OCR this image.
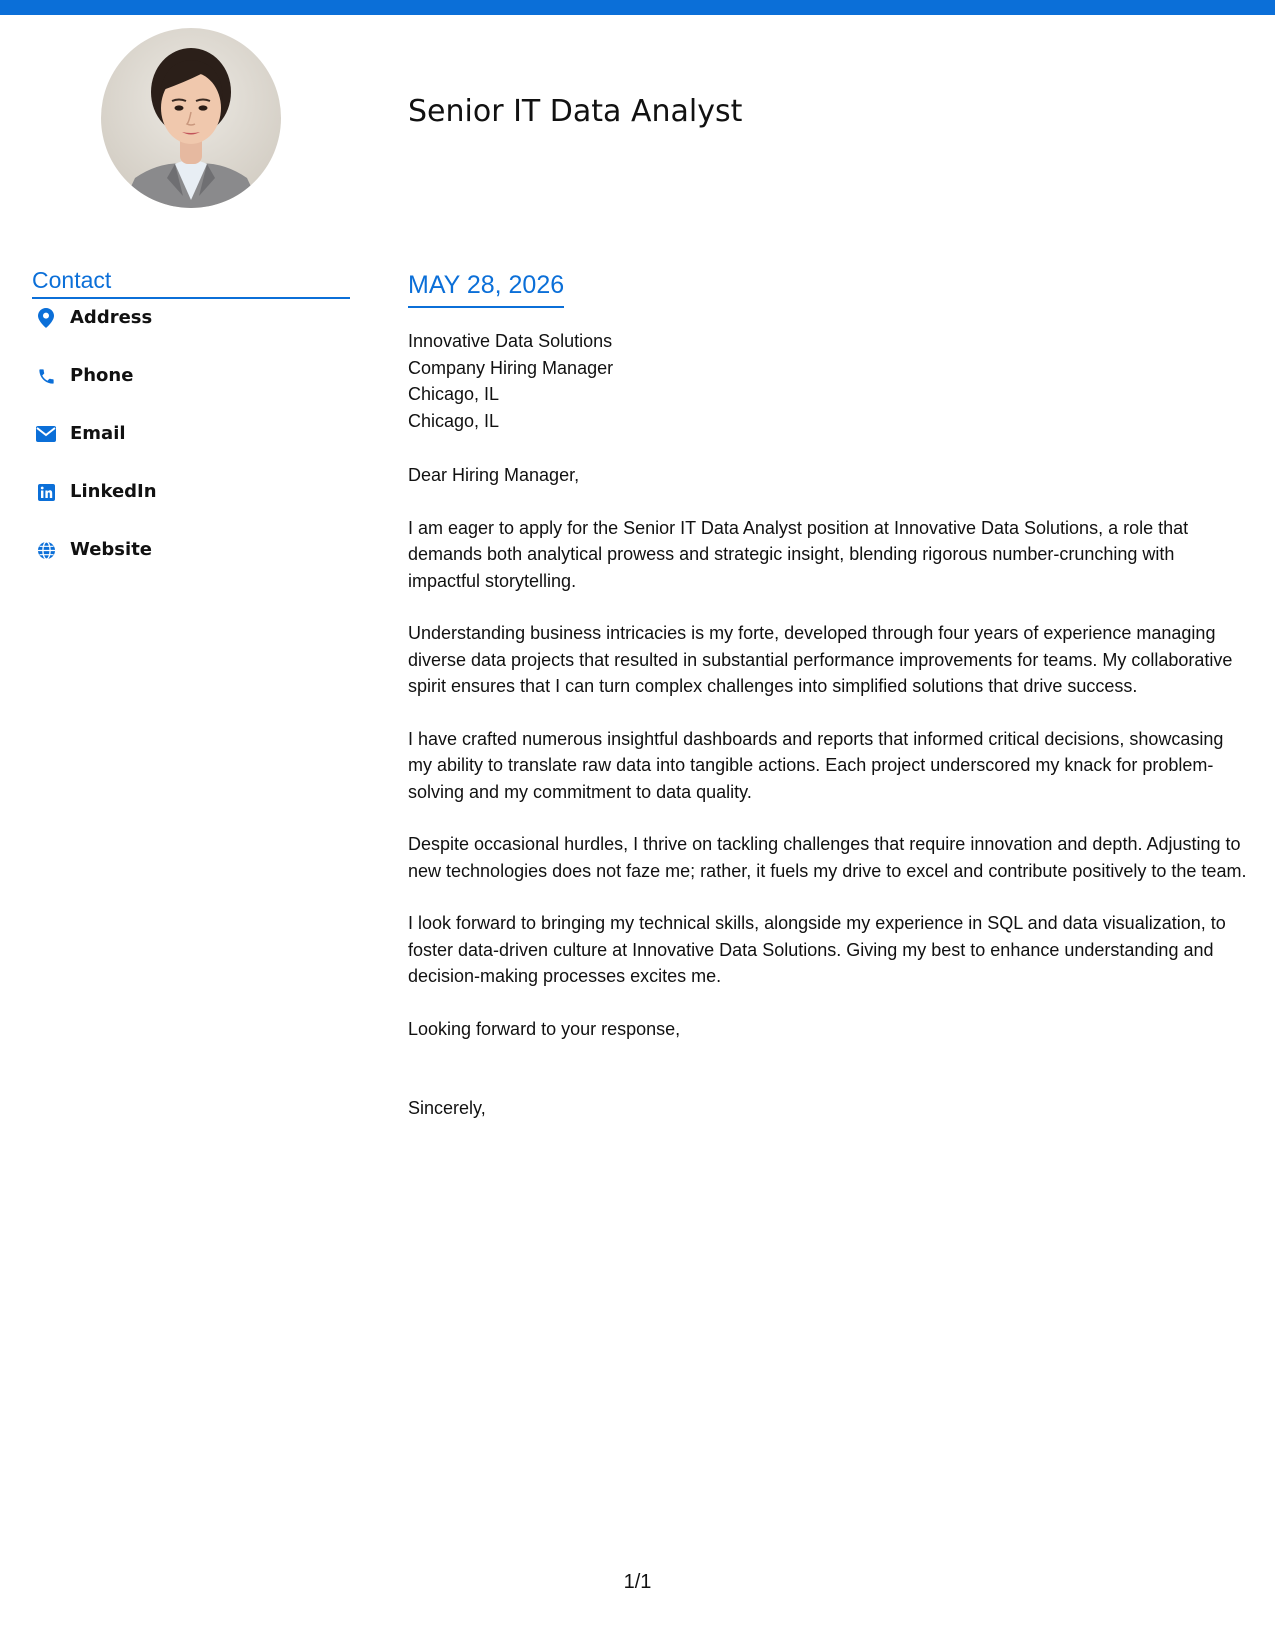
Senior IT Data Analyst
Contact
Address
Phone
Email
LinkedIn
Website
MAY 28, 2026
Innovative Data Solutions
Company Hiring Manager
Chicago, IL
Chicago, IL

Dear Hiring Manager,

I am eager to apply for the Senior IT Data Analyst position at Innovative Data Solutions, a role that demands both analytical prowess and strategic insight, blending rigorous number-crunching with impactful storytelling.

Understanding business intricacies is my forte, developed through four years of experience managing diverse data projects that resulted in substantial performance improvements for teams. My collaborative spirit ensures that I can turn complex challenges into simplified solutions that drive success.

I have crafted numerous insightful dashboards and reports that informed critical decisions, showcasing my ability to translate raw data into tangible actions. Each project underscored my knack for problem-solving and my commitment to data quality.

Despite occasional hurdles, I thrive on tackling challenges that require innovation and depth. Adjusting to new technologies does not faze me; rather, it fuels my drive to excel and contribute positively to the team.

I look forward to bringing my technical skills, alongside my experience in SQL and data visualization, to foster data-driven culture at Innovative Data Solutions. Giving my best to enhance understanding and decision-making processes excites me.

Looking forward to your response,

Sincerely,

1/1
